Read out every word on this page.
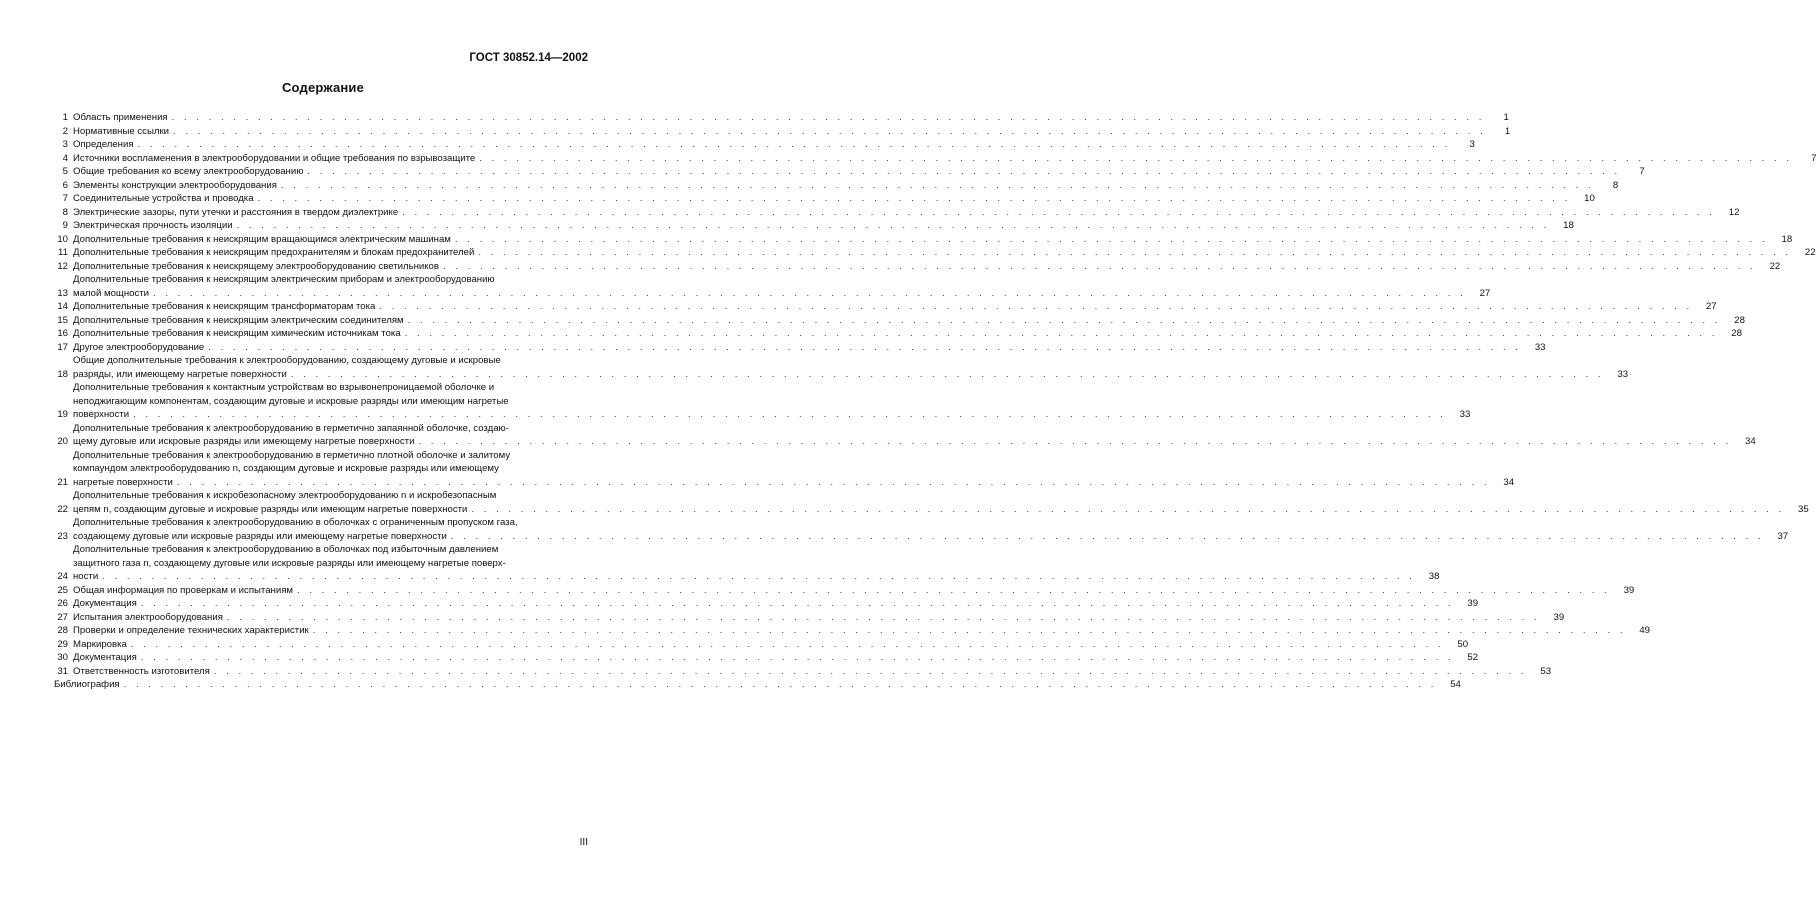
ГОСТ 30852.14—2002
Содержание
1 Область применения . . .	1
2 Нормативные ссылки . . .	1
3 Определения . . .	3
4 Источники воспламенения в электрооборудовании и общие требования по взрывозащите . . .	7
5 Общие требования ко всему электрооборудованию . . .	7
6 Элементы конструкции электрооборудования . . .	8
7 Соединительные устройства и проводка . . .	10
8 Электрические зазоры, пути утечки и расстояния в твердом диэлектрике . . .	12
9 Электрическая прочность изоляции . . .	18
10 Дополнительные требования к неискрящим вращающимся электрическим машинам . . .	18
11 Дополнительные требования к неискрящим предохранителям и блокам предохранителей . . .	22
12 Дополнительные требования к неискрящему электрооборудованию светильников . . .	22
13
Дополнительные требования к неискрящим электрическим приборам и электрооборудованию
малой мощности . . .	27
14 Дополнительные требования к неискрящим трансформаторам тока . . .	27
15 Дополнительные требования к неискрящим электрическим соединителям . . .	28
16 Дополнительные требования к неискрящим химическим источникам тока . . .	28
17 Другое электрооборудование . . .	33
18
Общие дополнительные требования к электрооборудованию, создающему дуговые и искровые
разряды, или имеющему нагретые поверхности . . .	33
19
Дополнительные требования к контактным устройствам во взрывонепроницаемой оболочке и
неподжигающим компонентам, создающим дуговые и искровые разряды или имеющим нагретые
поверхности . . .	33
20
Дополнительные требования к электрооборудованию в герметично запаянной оболочке, создаю-
щему дуговые или искровые разряды или имеющему нагретые поверхности . . .	34
21
Дополнительные требования к электрооборудованию в герметично плотной оболочке и залитому
компаундом электрооборудованию n, создающим дуговые и искровые разряды или имеющему
нагретые поверхности . . .	34
22
Дополнительные требования к искробезопасному электрооборудованию n и искробезопасным
цепям n, создающим дуговые и искровые разряды или имеющим нагретые поверхности . . .	35
23
Дополнительные требования к электрооборудованию в оболочках с ограниченным пропуском газа,
создающему дуговые или искровые разряды или имеющему нагретые поверхности . . .	37
24
Дополнительные требования к электрооборудованию в оболочках под избыточным давлением
защитного газа n, создающему дуговые или искровые разряды или имеющему нагретые поверх-
ности . . .	38
25 Общая информация по проверкам и испытаниям . . .	39
26 Документация . . .	39
27 Испытания электрооборудования . . .	39
28 Проверки и определение технических характеристик . . .	49
29 Маркировка . . .	50
30 Документация . . .	52
31 Ответственность изготовителя . . .	53
Библиография . . .	54
III
